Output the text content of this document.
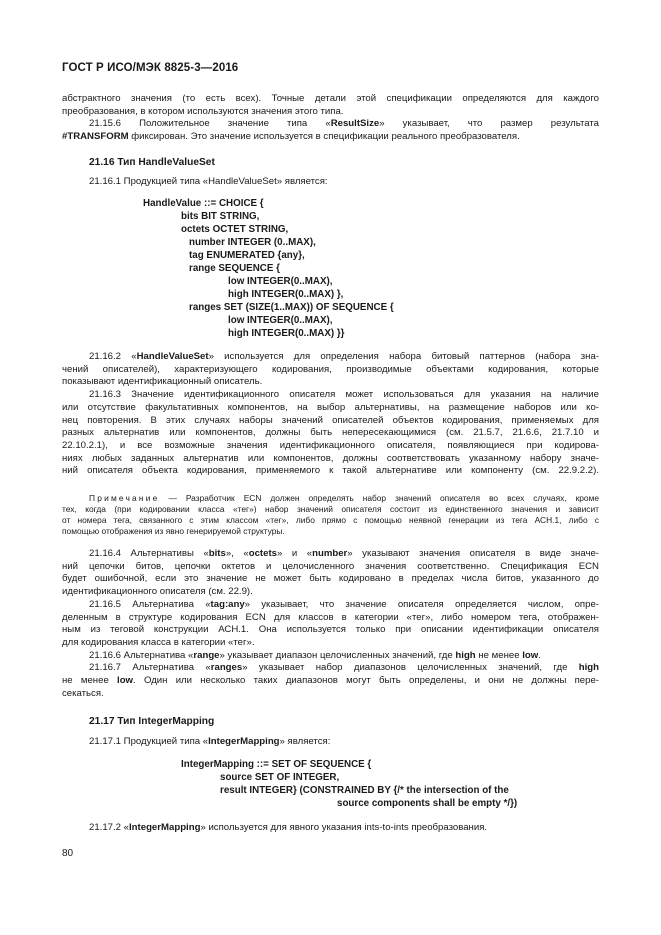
ГОСТ Р ИСО/МЭК 8825-3—2016
абстрактного значения (то есть всех). Точные детали этой спецификации определяются для каждого
преобразования, в котором используются значения этого типа.
21.15.6 Положительное значение типа «ResultSize» указывает, что размер результата
#TRANSFORM фиксирован. Это значение используется в спецификации реального преобразователя.
21.16 Тип HandleValueSet
21.16.1 Продукцией типа «HandleValueSet» является:
HandleValue ::= CHOICE {
bits BIT STRING,
octets OCTET STRING,
number INTEGER (0..MAX),
tag ENUMERATED {any},
range SEQUENCE {
low INTEGER(0..MAX),
high INTEGER(0..MAX) },
ranges SET (SIZE(1..MAX)) OF SEQUENCE {
low INTEGER(0..MAX),
high INTEGER(0..MAX) }}
21.16.2 «HandleValueSet» используется для определения набора битовый паттернов (набора зна-
чений описателей), характеризующего кодирования, производимые объектами кодирования, которые
показывают идентификационный описатель.
21.16.3 Значение идентификационного описателя может использоваться для указания на наличие
или отсутствие факультативных компонентов, на выбор альтернативы, на размещение наборов или ко-
нец повторения. В этих случаях наборы значений описателей объектов кодирования, применяемых для
разных альтернатив или компонентов, должны быть непересекающимися (см. 21.5.7, 21.6.6, 21.7.10 и
22.10.2.1), и все возможные значения идентификационного описателя, появляющиеся при кодирова-
ниях любых заданных альтернатив или компонентов, должны соответствовать указанному набору значе-
ний описателя объекта кодирования, применяемого к такой альтернативе или компоненту (см. 22.9.2.2).
Примечание — Разработчик ECN должен определять набор значений описателя во всех случаях, кроме
тех, когда (при кодировании класса «тег») набор значений описателя состоит из единственного значения и зависит
от номера тега, связанного с этим классом «тег», либо прямо с помощью неявной генерации из тега АСН.1, либо с
помощью отображения из явно генерируемой структуры.
21.16.4 Альтернативы «bits», «octets» и «number» указывают значения описателя в виде значе-
ний цепочки битов, цепочки октетов и целочисленного значения соответственно. Спецификация ECN
будет ошибочной, если это значение не может быть кодировано в пределах числа битов, указанного до
идентификационного описателя (см. 22.9).
21.16.5 Альтернатива «tag:any» указывает, что значение описателя определяется числом, опре-
деленным в структуре кодирования ECN для классов в категории «тег», либо номером тега, отображен-
ным из теговой конструкции АСН.1. Она используется только при описании идентификации описателя
для кодирования класса в категории «тег».
21.16.6 Альтернатива «range» указывает диапазон целочисленных значений, где high не менее low.
21.16.7 Альтернатива «ranges» указывает набор диапазонов целочисленных значений, где high
не менее low. Один или несколько таких диапазонов могут быть определены, и они не должны пере-
секаться.
21.17 Тип IntegerMapping
21.17.1 Продукцией типа «IntegerMapping» является:
IntegerMapping ::= SET OF SEQUENCE {
source SET OF INTEGER,
result INTEGER} (CONSTRAINED BY {/* the intersection of the
source components shall be empty */})
21.17.2 «IntegerMapping» используется для явного указания ints-to-ints преобразования.
80
